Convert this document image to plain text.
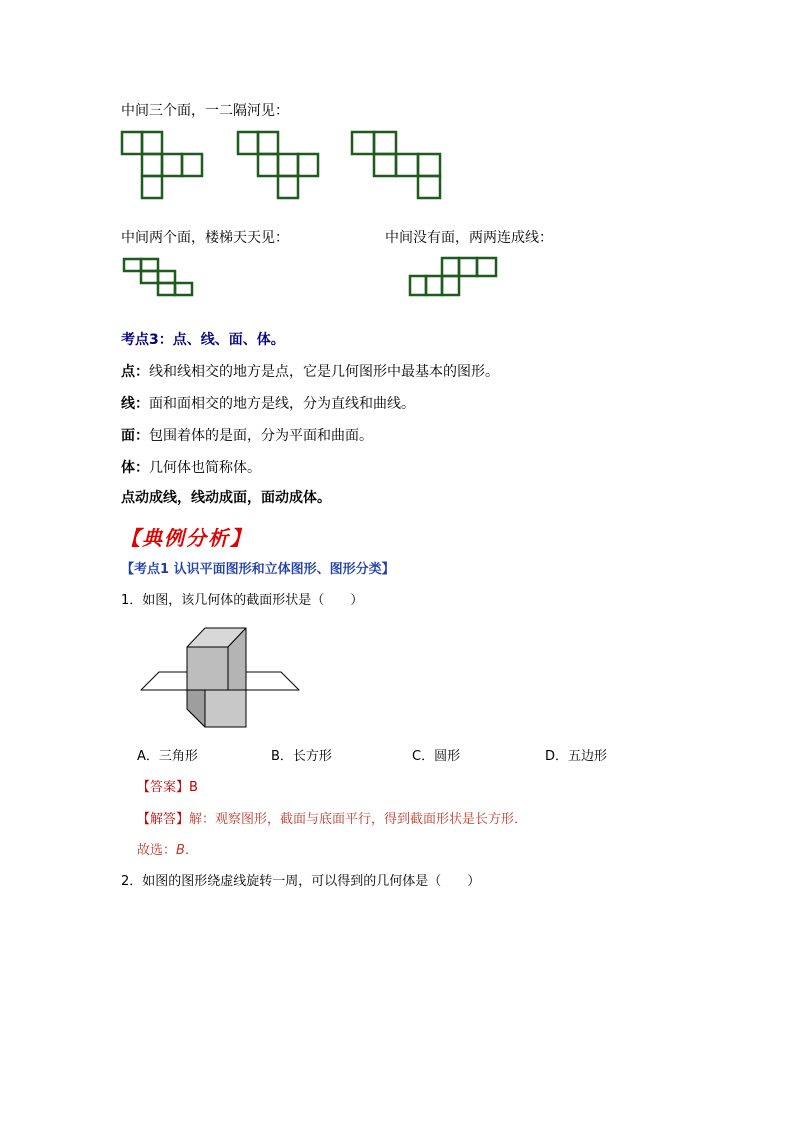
中间三个面，一二隔河见：
中间两个面，楼梯天天见：	中间没有面，两两连成线：
考点3：点、线、面、体。
点：线和线相交的地方是点，它是几何图形中最基本的图形。
线：面和面相交的地方是线，分为直线和曲线。
面：包围着体的是面，分为平面和曲面。
体：几何体也简称体。
点动成线，线动成面，面动成体。
【典例分析】
【考点1 认识平面图形和立体图形、图形分类】
1．如图，该几何体的截面形状是（　　）
A．三角形	B．长方形	C．圆形	D．五边形
【答案】B
【解答】解：观察图形，截面与底面平行，得到截面形状是长方形．
故选：B．
2．如图的图形绕虚线旋转一周，可以得到的几何体是（　　）
